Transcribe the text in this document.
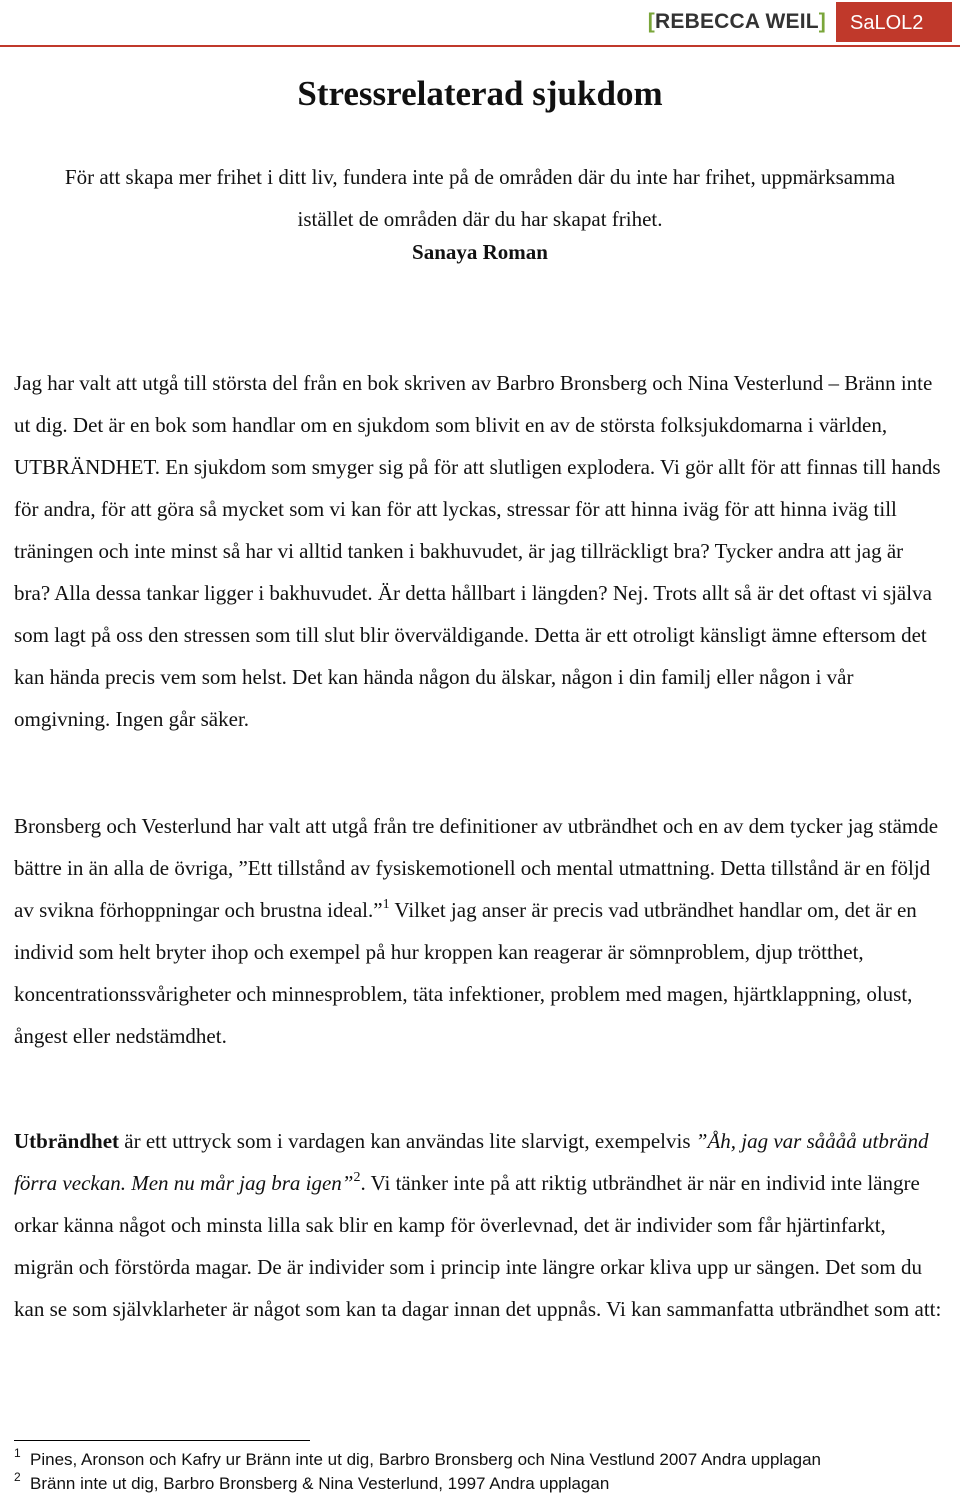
[REBECCA WEIL]	SaLOL2
Stressrelaterad sjukdom

För att skapa mer frihet i ditt liv, fundera inte på de områden där du inte har frihet, uppmärksamma istället de områden där du har skapat frihet.

Sanaya Roman

Jag har valt att utgå till största del från en bok skriven av Barbro Bronsberg och Nina Vesterlund – Bränn inte ut dig. Det är en bok som handlar om en sjukdom som blivit en av de största folksjukdomarna i världen, UTBRÄNDHET. En sjukdom som smyger sig på för att slutligen explodera. Vi gör allt för att finnas till hands för andra, för att göra så mycket som vi kan för att lyckas, stressar för att hinna iväg för att hinna iväg till träningen och inte minst så har vi alltid tanken i bakhuvudet, är jag tillräckligt bra? Tycker andra att jag är bra? Alla dessa tankar ligger i bakhuvudet. Är detta hållbart i längden? Nej. Trots allt så är det oftast vi själva som lagt på oss den stressen som till slut blir överväldigande. Detta är ett otroligt känsligt ämne eftersom det kan hända precis vem som helst. Det kan hända någon du älskar, någon i din familj eller någon i vår omgivning. Ingen går säker.

Bronsberg och Vesterlund har valt att utgå från tre definitioner av utbrändhet och en av dem tycker jag stämde bättre in än alla de övriga, ”Ett tillstånd av fysiskemotionell och mental utmattning. Detta tillstånd är en följd av svikna förhoppningar och brustna ideal.”$^1$ Vilket jag anser är precis vad utbrändhet handlar om, det är en individ som helt bryter ihop och exempel på hur kroppen kan reagerar är sömnproblem, djup trötthet, koncentrationssvårigheter och minnesproblem, täta infektioner, problem med magen, hjärtklappning, olust, ångest eller nedstämdhet.

Utbrändhet är ett uttryck som i vardagen kan användas lite slarvigt, exempelvis ”Åh, jag var såååå utbränd förra veckan. Men nu mår jag bra igen”$^2$. Vi tänker inte på att riktig utbrändhet är när en individ inte längre orkar känna något och minsta lilla sak blir en kamp för överlevnad, det är individer som får hjärtinfarkt, migrän och förstörda magar. De är individer som i princip inte längre orkar kliva upp ur sängen. Det som du kan se som självklarheter är något som kan ta dagar innan det uppnås. Vi kan sammanfatta utbrändhet som att:

1 Pines, Aronson och Kafry ur Bränn inte ut dig, Barbro Bronsberg och Nina Vestlund 2007 Andra upplagan
2 Bränn inte ut dig, Barbro Bronsberg & Nina Vesterlund, 1997 Andra upplagan
